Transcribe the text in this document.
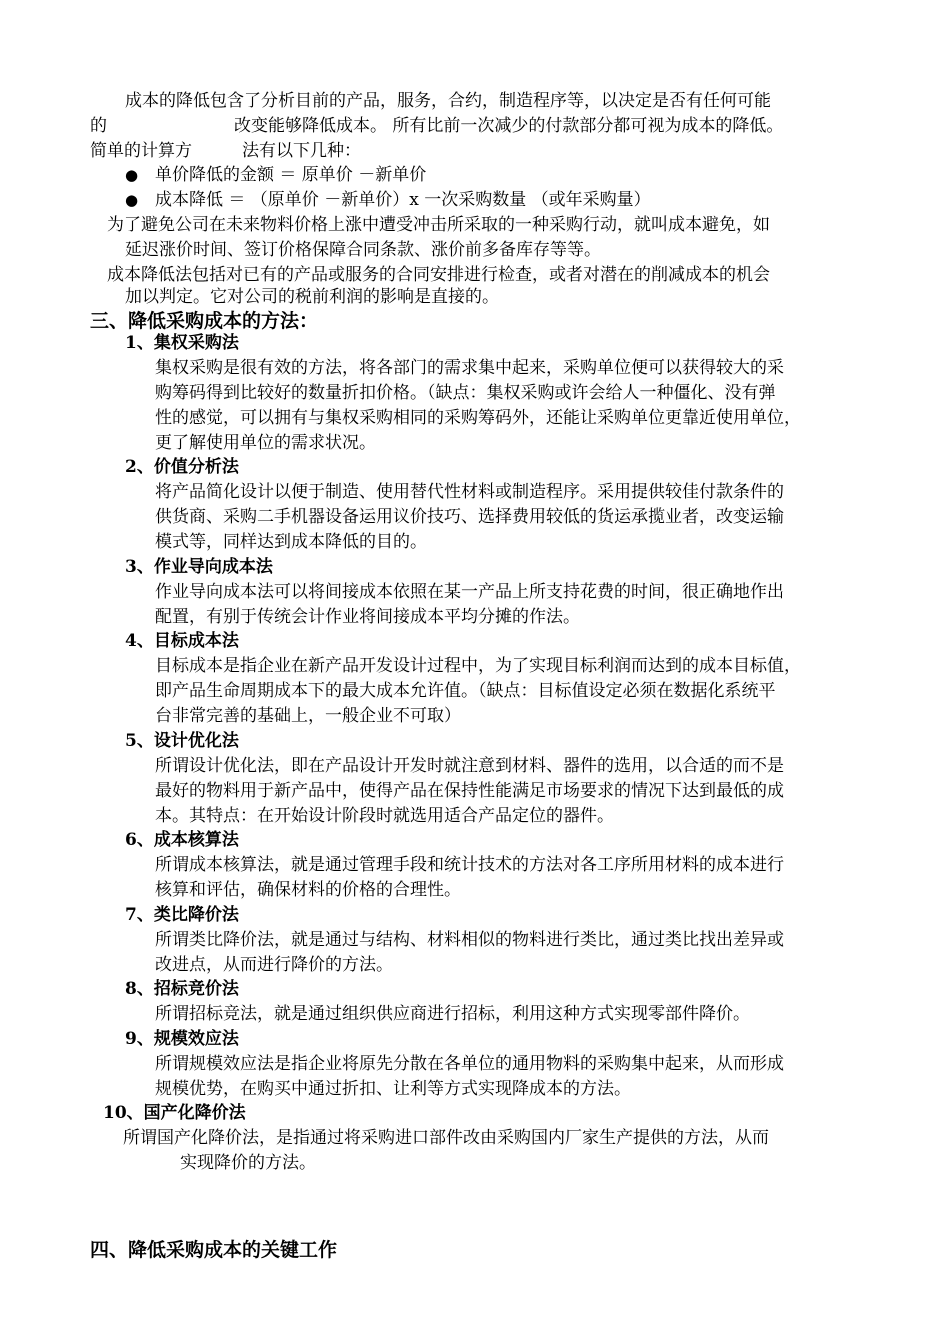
成本的降低包含了分析目前的产品，服务，合约，制造程序等，以决定是否有任何可能

的	改变能够降低成本。 所有比前一次减少的付款部分都可视为成本的降低。

简单的计算方	法有以下几种：

● 单价降低的金额 ＝ 原单价 －新单价

● 成本降低 ＝ （原单价 －新单价）x 一次采购数量 （或年采购量）

为了避免公司在未来物料价格上涨中遭受冲击所采取的一种采购行动，就叫成本避免，如

延迟涨价时间、签订价格保障合同条款、涨价前多备库存等等。

成本降低法包括对已有的产品或服务的合同安排进行检查，或者对潜在的削减成本的机会

加以判定。它对公司的税前利润的影响是直接的。

三、降低采购成本的方法：

1、集权采购法

集权采购是很有效的方法，将各部门的需求集中起来，采购单位便可以获得较大的采

购筹码得到比较好的数量折扣价格。（缺点：集权采购或许会给人一种僵化、没有弹

性的感觉，可以拥有与集权采购相同的采购筹码外，还能让采购单位更靠近使用单位，

更了解使用单位的需求状况。

2、价值分析法

将产品简化设计以便于制造、使用替代性材料或制造程序。采用提供较佳付款条件的

供货商、采购二手机器设备运用议价技巧、选择费用较低的货运承揽业者，改变运输

模式等，同样达到成本降低的目的。

3、作业导向成本法

作业导向成本法可以将间接成本依照在某一产品上所支持花费的时间，很正确地作出

配置，有别于传统会计作业将间接成本平均分摊的作法。

4、目标成本法

目标成本是指企业在新产品开发设计过程中，为了实现目标利润而达到的成本目标值，

即产品生命周期成本下的最大成本允许值。（缺点：目标值设定必须在数据化系统平

台非常完善的基础上，一般企业不可取）

5、设计优化法

所谓设计优化法，即在产品设计开发时就注意到材料、器件的选用，以合适的而不是

最好的物料用于新产品中，使得产品在保持性能满足市场要求的情况下达到最低的成

本。其特点：在开始设计阶段时就选用适合产品定位的器件。

6、成本核算法

所谓成本核算法，就是通过管理手段和统计技术的方法对各工序所用材料的成本进行

核算和评估，确保材料的价格的合理性。

7、类比降价法

所谓类比降价法，就是通过与结构、材料相似的物料进行类比，通过类比找出差异或

改进点，从而进行降价的方法。

8、招标竞价法

所谓招标竞法，就是通过组织供应商进行招标，利用这种方式实现零部件降价。

9、规模效应法

所谓规模效应法是指企业将原先分散在各单位的通用物料的采购集中起来，从而形成

规模优势，在购买中通过折扣、让利等方式实现降成本的方法。

10、国产化降价法

所谓国产化降价法，是指通过将采购进口部件改由采购国内厂家生产提供的方法，从而

实现降价的方法。

四、降低采购成本的关键工作
